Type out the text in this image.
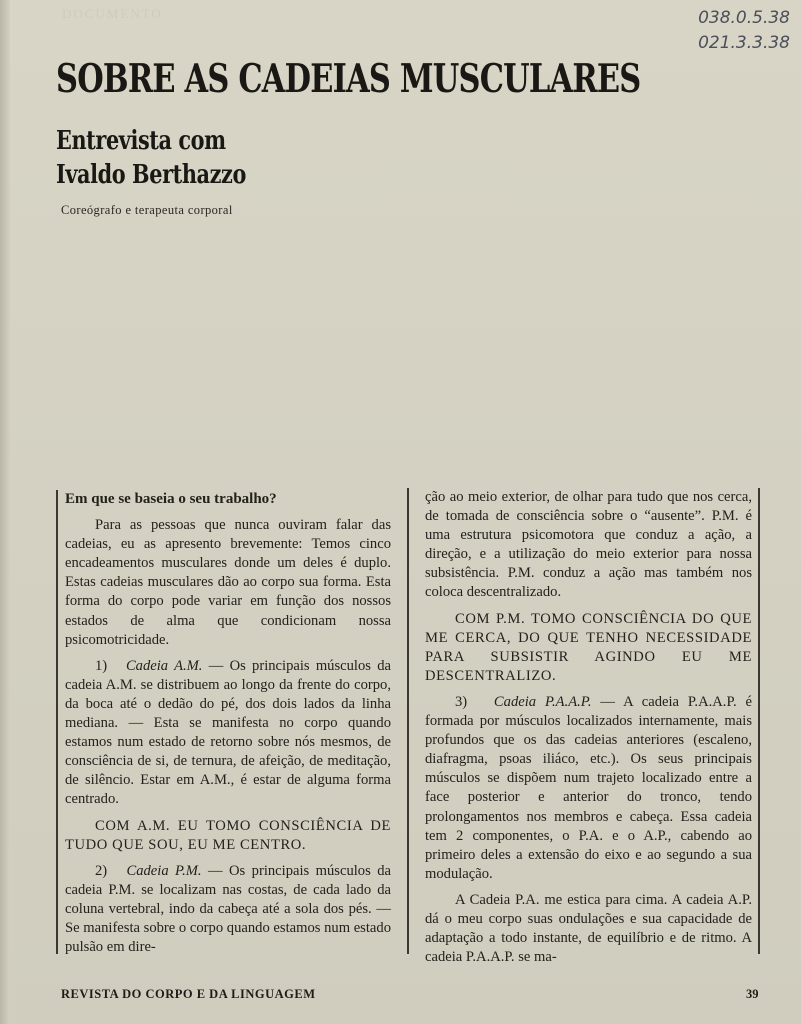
DOCUMENTO	038.0.5.38
021.3.3.38
SOBRE AS CADEIAS MUSCULARES
Entrevista com
Ivaldo Berthazzo
Coreógrafo e terapeuta corporal

Em que se baseia o seu trabalho?

Para as pessoas que nunca ouviram falar das cadeias, eu as apresento brevemente: Temos cinco encadeamentos musculares donde um deles é duplo. Estas cadeias musculares dão ao corpo sua forma. Esta forma do corpo pode variar em função dos nossos estados de alma que condicionam nossa psicomotricidade.

1) Cadeia A.M. — Os principais músculos da cadeia A.M. se distribuem ao longo da frente do corpo, da boca até o dedão do pé, dos dois lados da linha mediana. — Esta se manifesta no corpo quando estamos num estado de retorno sobre nós mesmos, de consciência de si, de ternura, de afeição, de meditação, de silêncio. Estar em A.M., é estar de alguma forma centrado.

COM A.M. EU TOMO CONSCIÊNCIA DE TUDO QUE SOU, EU ME CENTRO.

2) Cadeia P.M. — Os principais músculos da cadeia P.M. se localizam nas costas, de cada lado da coluna vertebral, indo da cabeça até a sola dos pés. — Se manifesta sobre o corpo quando estamos num estado pulsão em dire-

ção ao meio exterior, de olhar para tudo que nos cerca, de tomada de consciência sobre o “ausente”. P.M. é uma estrutura psicomotora que conduz a ação, a direção, e a utilização do meio exterior para nossa subsistência. P.M. conduz a ação mas também nos coloca descentralizado.

COM P.M. TOMO CONSCIÊNCIA DO QUE ME CERCA, DO QUE TENHO NECESSIDADE PARA SUBSISTIR AGINDO EU ME DESCENTRALIZO.

3) Cadeia P.A.A.P. — A cadeia P.A.A.P. é formada por músculos localizados internamente, mais profundos que os das cadeias anteriores (escaleno, diafragma, psoas iliáco, etc.). Os seus principais músculos se dispõem num trajeto localizado entre a face posterior e anterior do tronco, tendo prolongamentos nos membros e cabeça. Essa cadeia tem 2 componentes, o P.A. e o A.P., cabendo ao primeiro deles a extensão do eixo e ao segundo a sua modulação.

A Cadeia P.A. me estica para cima. A cadeia A.P. dá o meu corpo suas ondulações e sua capacidade de adaptação a todo instante, de equilíbrio e de ritmo. A cadeia P.A.A.P. se ma-

REVISTA DO CORPO E DA LINGUAGEM	39
